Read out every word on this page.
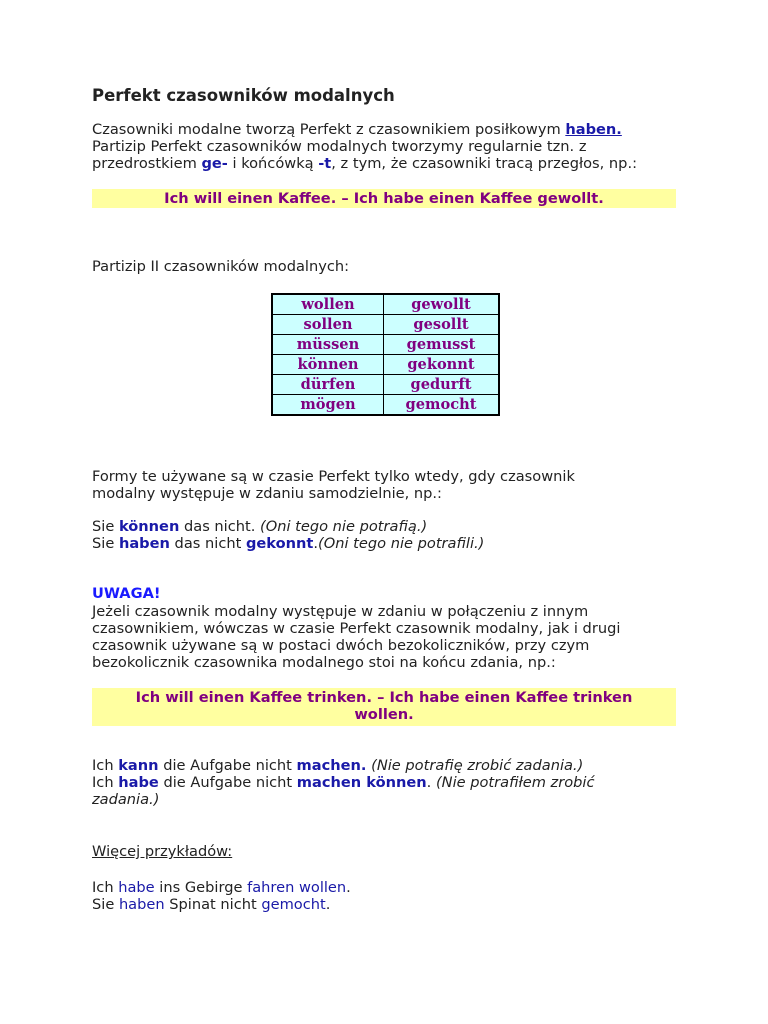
Perfekt czasowników modalnych
Czasowniki modalne tworzą Perfekt z czasownikiem posiłkowym haben.
Partizip Perfekt czasowników modalnych tworzymy regularnie tzn. z
przedrostkiem ge- i końcówką -t, z tym, że czasowniki tracą przegłos, np.:
Ich will einen Kaffee. – Ich habe einen Kaffee gewollt.
Partizip II czasowników modalnych:
wollen	gewollt
sollen	gesollt
müssen	gemusst
können	gekonnt
dürfen	gedurft
mögen	gemocht
Formy te używane są w czasie Perfekt tylko wtedy, gdy czasownik
modalny występuje w zdaniu samodzielnie, np.:
Sie können das nicht. (Oni tego nie potrafią.)
Sie haben das nicht gekonnt.(Oni tego nie potrafili.)
UWAGA!
Jeżeli czasownik modalny występuje w zdaniu w połączeniu z innym
czasownikiem, wówczas w czasie Perfekt czasownik modalny, jak i drugi
czasownik używane są w postaci dwóch bezokoliczników, przy czym
bezokolicznik czasownika modalnego stoi na końcu zdania, np.:
Ich will einen Kaffee trinken. – Ich habe einen Kaffee trinken
wollen.
Ich kann die Aufgabe nicht machen. (Nie potrafię zrobić zadania.)
Ich habe die Aufgabe nicht machen können. (Nie potrafiłem zrobić
zadania.)
Więcej przykładów:
Ich habe ins Gebirge fahren wollen.
Sie haben Spinat nicht gemocht.
